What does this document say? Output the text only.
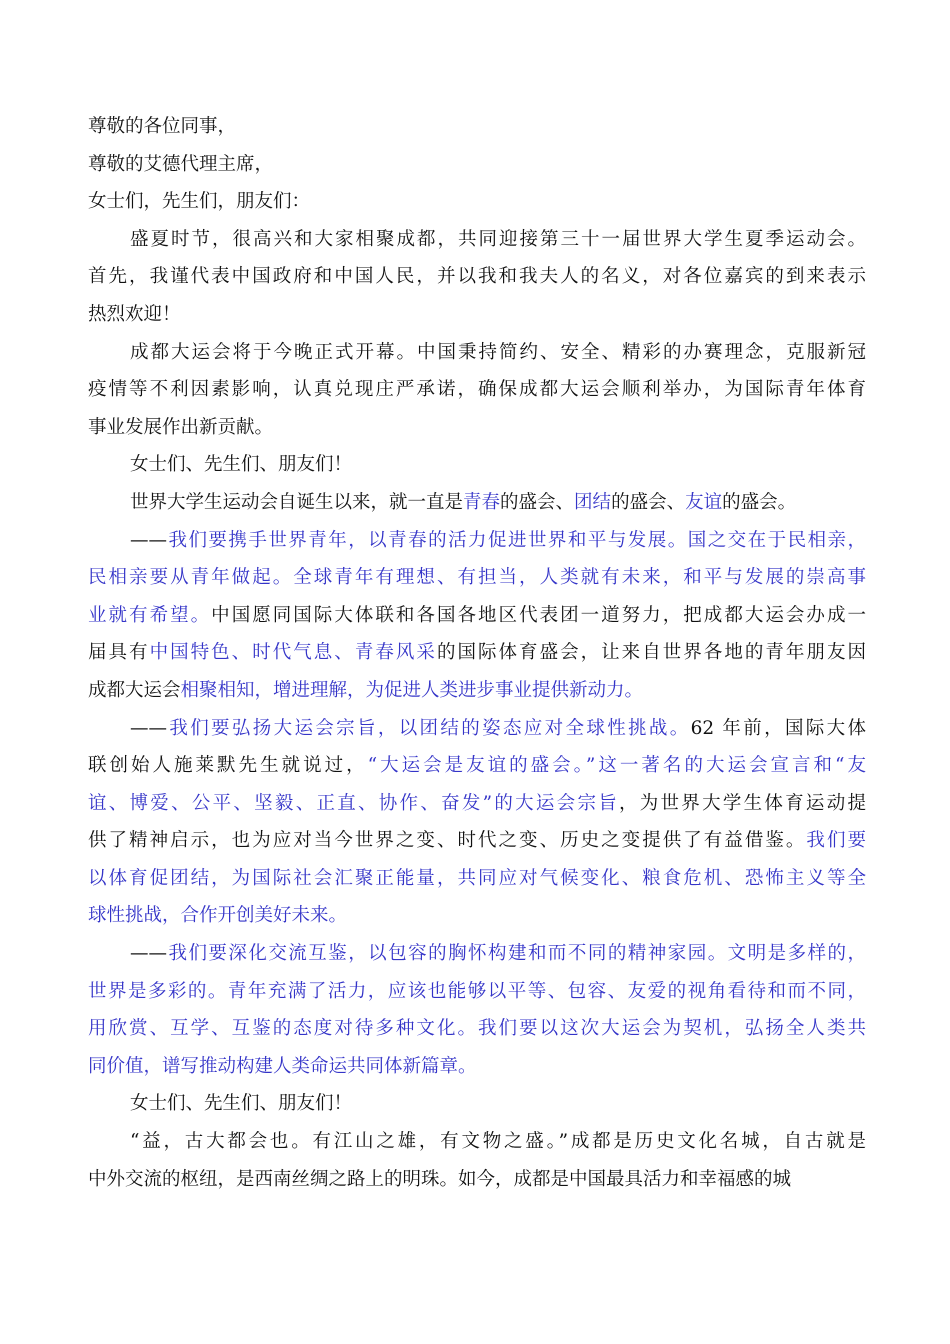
尊敬的各位同事，
尊敬的艾德代理主席，
女士们，先生们，朋友们：
盛夏时节，很高兴和大家相聚成都，共同迎接第三十一届世界大学生夏季运动会。
首先，我谨代表中国政府和中国人民，并以我和我夫人的名义，对各位嘉宾的到来表示
热烈欢迎！
成都大运会将于今晚正式开幕。中国秉持简约、安全、精彩的办赛理念，克服新冠
疫情等不利因素影响，认真兑现庄严承诺，确保成都大运会顺利举办，为国际青年体育
事业发展作出新贡献。
女士们、先生们、朋友们！
世界大学生运动会自诞生以来，就一直是青春的盛会、团结的盛会、友谊的盛会。
——我们要携手世界青年，以青春的活力促进世界和平与发展。国之交在于民相亲，
民相亲要从青年做起。全球青年有理想、有担当，人类就有未来，和平与发展的崇高事
业就有希望。中国愿同国际大体联和各国各地区代表团一道努力，把成都大运会办成一
届具有中国特色、时代气息、青春风采的国际体育盛会，让来自世界各地的青年朋友因
成都大运会相聚相知，增进理解，为促进人类进步事业提供新动力。
——我们要弘扬大运会宗旨，以团结的姿态应对全球性挑战。62 年前，国际大体
联创始人施莱默先生就说过，“大运会是友谊的盛会。”这一著名的大运会宣言和“友
谊、博爱、公平、坚毅、正直、协作、奋发”的大运会宗旨，为世界大学生体育运动提
供了精神启示，也为应对当今世界之变、时代之变、历史之变提供了有益借鉴。我们要
以体育促团结，为国际社会汇聚正能量，共同应对气候变化、粮食危机、恐怖主义等全
球性挑战，合作开创美好未来。
——我们要深化交流互鉴，以包容的胸怀构建和而不同的精神家园。文明是多样的，
世界是多彩的。青年充满了活力，应该也能够以平等、包容、友爱的视角看待和而不同，
用欣赏、互学、互鉴的态度对待多种文化。我们要以这次大运会为契机，弘扬全人类共
同价值，谱写推动构建人类命运共同体新篇章。
女士们、先生们、朋友们！
“益，古大都会也。有江山之雄，有文物之盛。”成都是历史文化名城，自古就是
中外交流的枢纽，是西南丝绸之路上的明珠。如今，成都是中国最具活力和幸福感的城
